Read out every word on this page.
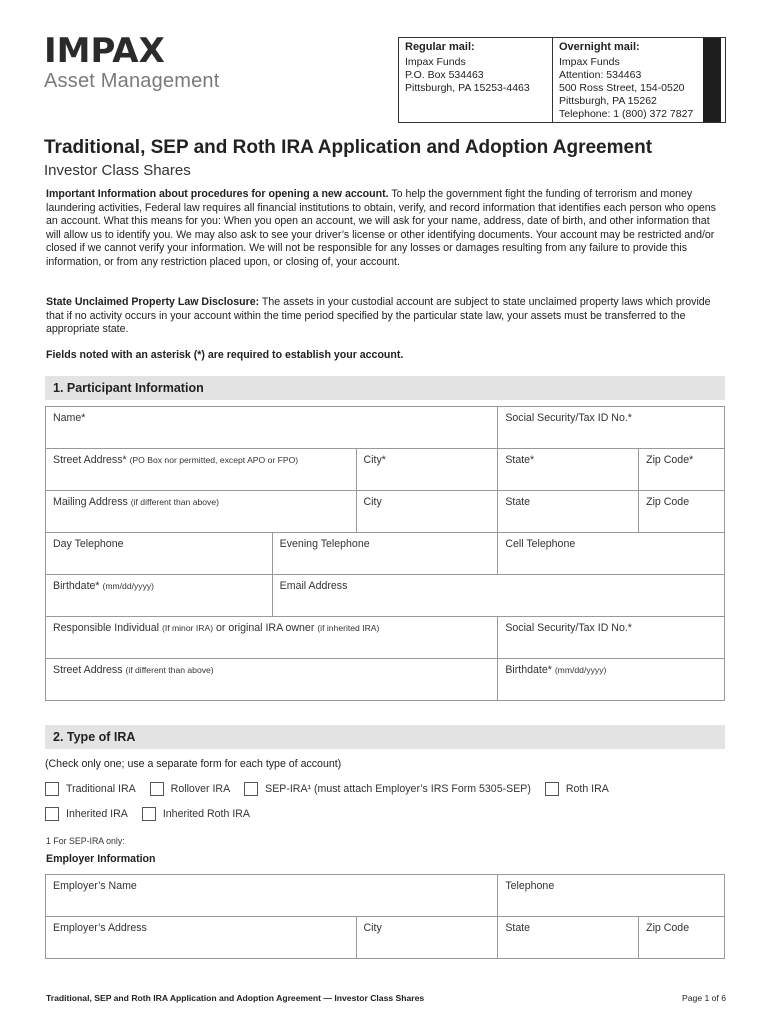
IMPAX
Asset Management
Regular mail:
Impax Funds
P.O. Box 534463
Pittsburgh, PA 15253-4463
Overnight mail:
Impax Funds
Attention: 534463
500 Ross Street, 154-0520
Pittsburgh, PA 15262
Telephone: 1 (800) 372 7827
Traditional, SEP and Roth IRA Application and Adoption Agreement
Investor Class Shares
Important Information about procedures for opening a new account. To help the government fight the funding of terrorism and money laundering activities, Federal law requires all financial institutions to obtain, verify, and record information that identifies each person who opens an account. What this means for you: When you open an account, we will ask for your name, address, date of birth, and other information that will allow us to identify you. We may also ask to see your driver’s license or other identifying documents. Your account may be restricted and/or closed if we cannot verify your information. We will not be responsible for any losses or damages resulting from any failure to provide this information, or from any restriction placed upon, or closing of, your account.
State Unclaimed Property Law Disclosure: The assets in your custodial account are subject to state unclaimed property laws which provide that if no activity occurs in your account within the time period specified by the particular state law, your assets must be transferred to the appropriate state.
Fields noted with an asterisk (*) are required to establish your account.
1. Participant Information
Name*	Social Security/Tax ID No.*
Street Address* (PO Box nor permitted, except APO or FPO)	City*	State*	Zip Code*
Mailing Address (if different than above)	City	State	Zip Code
Day Telephone	Evening Telephone	Cell Telephone
Birthdate* (mm/dd/yyyy)	Email Address
Responsible Individual (If minor IRA) or original IRA owner (if inherited IRA)	Social Security/Tax ID No.*
Street Address (if different than above)	Birthdate* (mm/dd/yyyy)
2. Type of IRA
(Check only one; use a separate form for each type of account)
Traditional IRA	Rollover IRA	SEP-IRA¹ (must attach Employer’s IRS Form 5305-SEP)	Roth IRA
Inherited IRA	Inherited Roth IRA
1 For SEP-IRA only:
Employer Information
Employer’s Name	Telephone
Employer’s Address	City	State	Zip Code
Traditional, SEP and Roth IRA Application and Adoption Agreement — Investor Class Shares	Page 1 of 6
